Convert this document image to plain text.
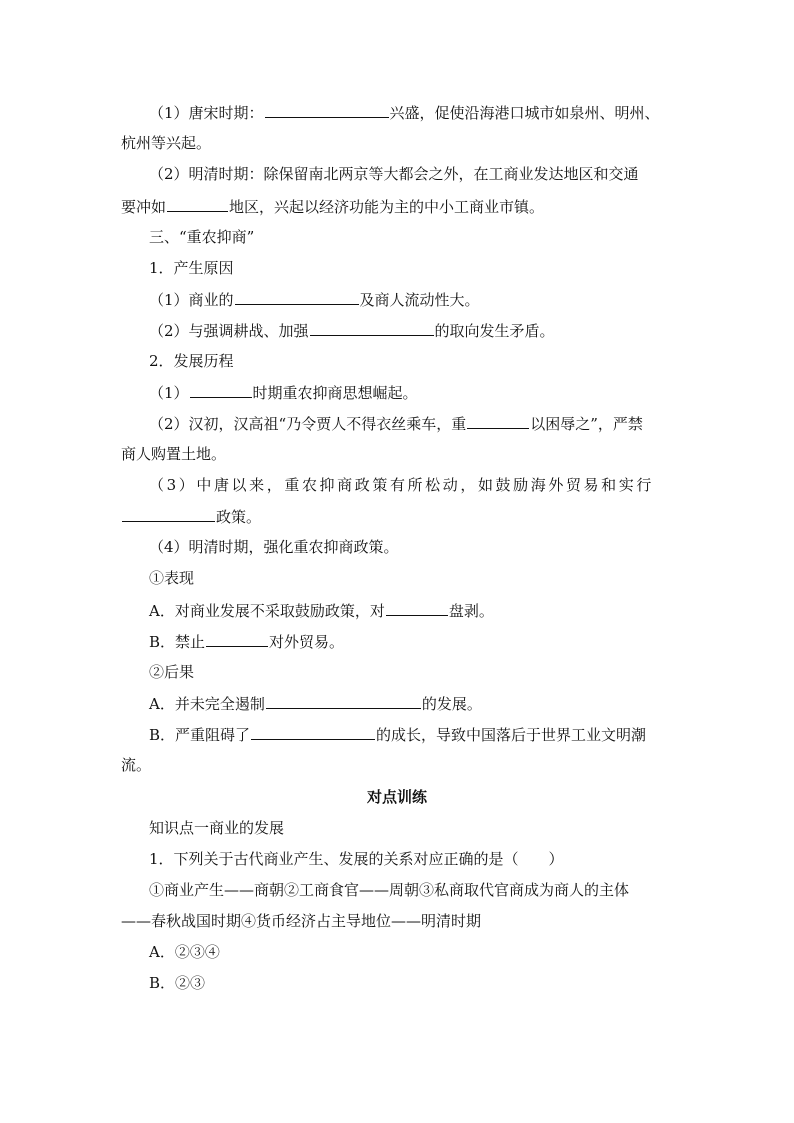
（1）唐宋时期：	兴盛，促使沿海港口城市如泉州、明州、
杭州等兴起。
（2）明清时期：除保留南北两京等大都会之外，在工商业发达地区和交通
要冲如	地区，兴起以经济功能为主的中小工商业市镇。
三、“重农抑商”
1．产生原因
（1）商业的	及商人流动性大。
（2）与强调耕战、加强	的取向发生矛盾。
2．发展历程
（1）	时期重农抑商思想崛起。
（2）汉初，汉高祖“乃令贾人不得衣丝乘车，重	以困辱之”，严禁
商人购置土地。
（3）中唐以来，重农抑商政策有所松动，如鼓励海外贸易和实行
政策。
（4）明清时期，强化重农抑商政策。
①表现
A．对商业发展不采取鼓励政策，对	盘剥。
B．禁止	对外贸易。
②后果
A．并未完全遏制	的发展。
B．严重阻碍了	的成长，导致中国落后于世界工业文明潮
流。
对点训练
知识点一商业的发展
1．下列关于古代商业产生、发展的关系对应正确的是（　　）
①商业产生——商朝②工商食官——周朝③私商取代官商成为商人的主体
——春秋战国时期④货币经济占主导地位——明清时期
A．②③④
B．②③
